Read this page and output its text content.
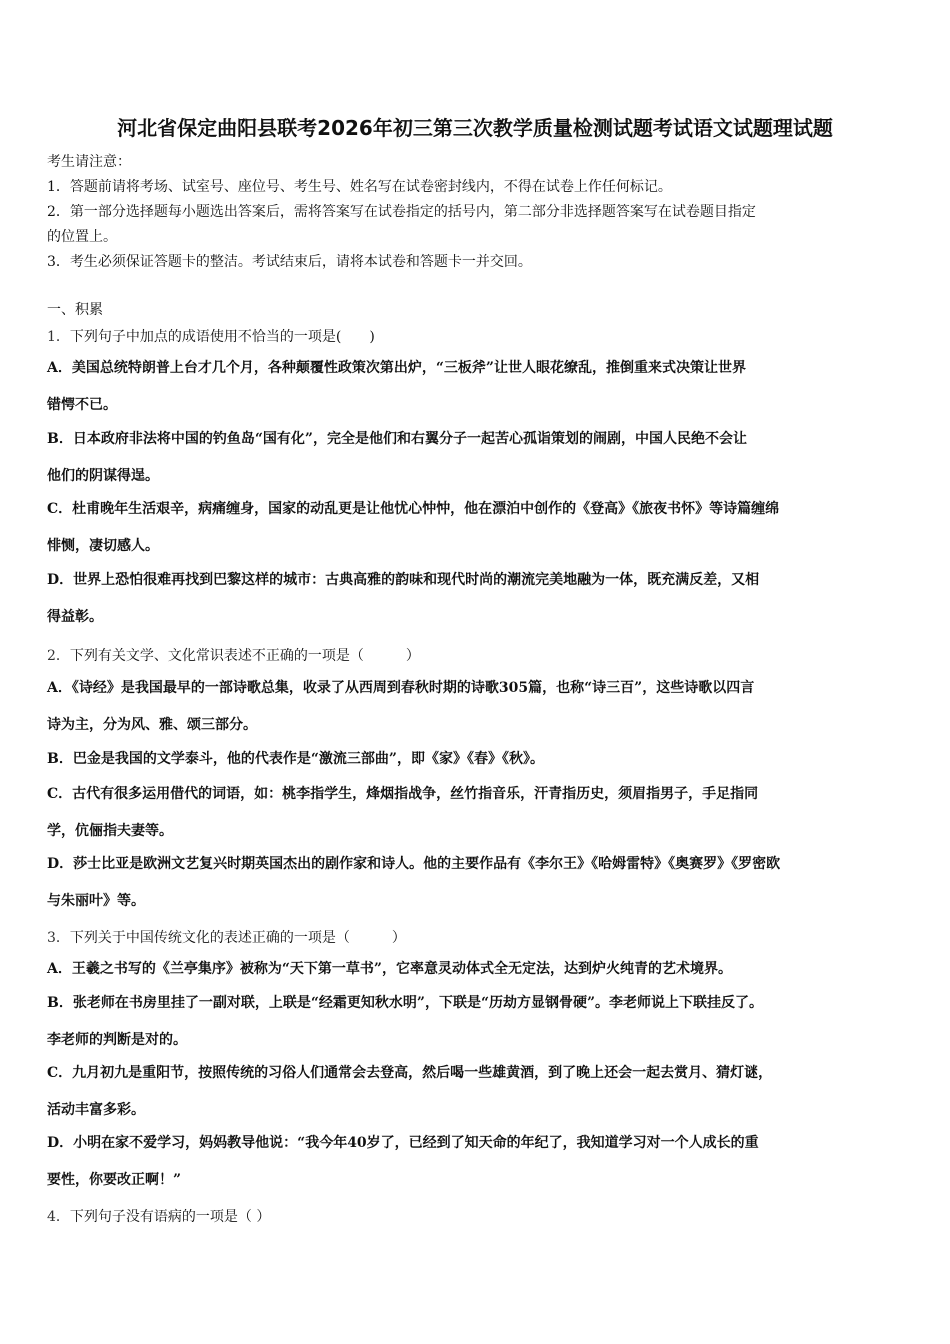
河北省保定曲阳县联考2026年初三第三次教学质量检测试题考试语文试题理试题
考生请注意：
1．答题前请将考场、试室号、座位号、考生号、姓名写在试卷密封线内，不得在试卷上作任何标记。
2．第一部分选择题每小题选出答案后，需将答案写在试卷指定的括号内，第二部分非选择题答案写在试卷题目指定
的位置上。
3．考生必须保证答题卡的整洁。考试结束后，请将本试卷和答题卡一并交回。
一、积累
1．下列句子中加点的成语使用不恰当的一项是(　　)
A．美国总统特朗普上台才几个月，各种颠覆性政策次第出炉，“三板斧”让世人眼花缭乱，推倒重来式决策让世界
错愕不已。
B．日本政府非法将中国的钓鱼岛“国有化”，完全是他们和右翼分子一起苦心孤诣策划的闹剧，中国人民绝不会让
他们的阴谋得逞。
C．杜甫晚年生活艰辛，病痛缠身，国家的动乱更是让他忧心忡忡，他在漂泊中创作的《登高》《旅夜书怀》等诗篇缠绵
悱恻，凄切感人。
D．世界上恐怕很难再找到巴黎这样的城市：古典高雅的韵味和现代时尚的潮流完美地融为一体，既充满反差，又相
得益彰。
2．下列有关文学、文化常识表述不正确的一项是（　　　）
A．《诗经》是我国最早的一部诗歌总集，收录了从西周到春秋时期的诗歌305篇，也称“诗三百”，这些诗歌以四言
诗为主，分为风、雅、颂三部分。
B．巴金是我国的文学泰斗，他的代表作是“激流三部曲”，即《家》《春》《秋》。
C．古代有很多运用借代的词语，如：桃李指学生，烽烟指战争，丝竹指音乐，汗青指历史，须眉指男子，手足指同
学，伉俪指夫妻等。
D．莎士比亚是欧洲文艺复兴时期英国杰出的剧作家和诗人。他的主要作品有《李尔王》《哈姆雷特》《奥赛罗》《罗密欧
与朱丽叶》等。
3．下列关于中国传统文化的表述正确的一项是（　　　）
A．王羲之书写的《兰亭集序》被称为“天下第一草书”，它率意灵动体式全无定法，达到炉火纯青的艺术境界。
B．张老师在书房里挂了一副对联，上联是“经霜更知秋水明”，下联是“历劫方显钢骨硬”。李老师说上下联挂反了。
李老师的判断是对的。
C．九月初九是重阳节，按照传统的习俗人们通常会去登高，然后喝一些雄黄酒，到了晚上还会一起去赏月、猜灯谜，
活动丰富多彩。
D．小明在家不爱学习，妈妈教导他说：“我今年40岁了，已经到了知天命的年纪了，我知道学习对一个人成长的重
要性，你要改正啊！”
4．下列句子没有语病的一项是（ ）
